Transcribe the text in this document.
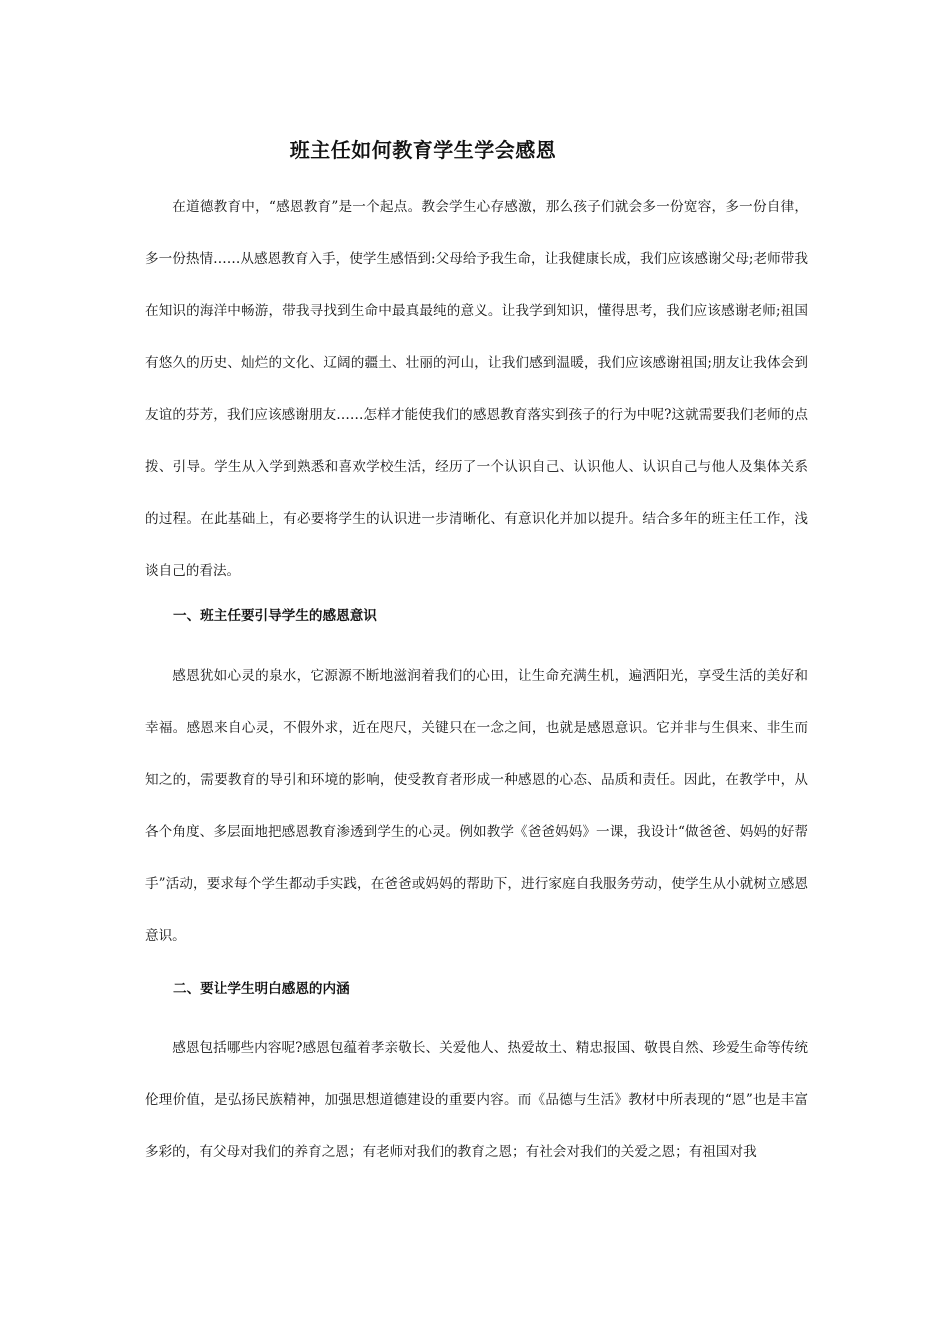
班主任如何教育学生学会感恩

在道德教育中，“感恩教育”是一个起点。教会学生心存感激，那么孩子们就会多一份宽容，多一份自律，多一份热情……从感恩教育入手，使学生感悟到:父母给予我生命，让我健康长成，我们应该感谢父母;老师带我在知识的海洋中畅游，带我寻找到生命中最真最纯的意义。让我学到知识，懂得思考，我们应该感谢老师;祖国有悠久的历史、灿烂的文化、辽阔的疆土、壮丽的河山，让我们感到温暖，我们应该感谢祖国;朋友让我体会到友谊的芬芳，我们应该感谢朋友……怎样才能使我们的感恩教育落实到孩子的行为中呢?这就需要我们老师的点拨、引导。学生从入学到熟悉和喜欢学校生活，经历了一个认识自己、认识他人、认识自己与他人及集体关系的过程。在此基础上，有必要将学生的认识进一步清晰化、有意识化并加以提升。结合多年的班主任工作，浅谈自己的看法。

一、班主任要引导学生的感恩意识

感恩犹如心灵的泉水，它源源不断地滋润着我们的心田，让生命充满生机，遍洒阳光，享受生活的美好和幸福。感恩来自心灵，不假外求，近在咫尺，关键只在一念之间，也就是感恩意识。它并非与生俱来、非生而知之的，需要教育的导引和环境的影响，使受教育者形成一种感恩的心态、品质和责任。因此，在教学中，从各个角度、多层面地把感恩教育渗透到学生的心灵。例如教学《爸爸妈妈》一课，我设计“做爸爸、妈妈的好帮手”活动，要求每个学生都动手实践，在爸爸或妈妈的帮助下，进行家庭自我服务劳动，使学生从小就树立感恩意识。

二、要让学生明白感恩的内涵

感恩包括哪些内容呢?感恩包蕴着孝亲敬长、关爱他人、热爱故土、精忠报国、敬畏自然、珍爱生命等传统伦理价值，是弘扬民族精神，加强思想道德建设的重要内容。而《品德与生活》教材中所表现的“恩”也是丰富多彩的，有父母对我们的养育之恩；有老师对我们的教育之恩；有社会对我们的关爱之恩；有祖国对我
